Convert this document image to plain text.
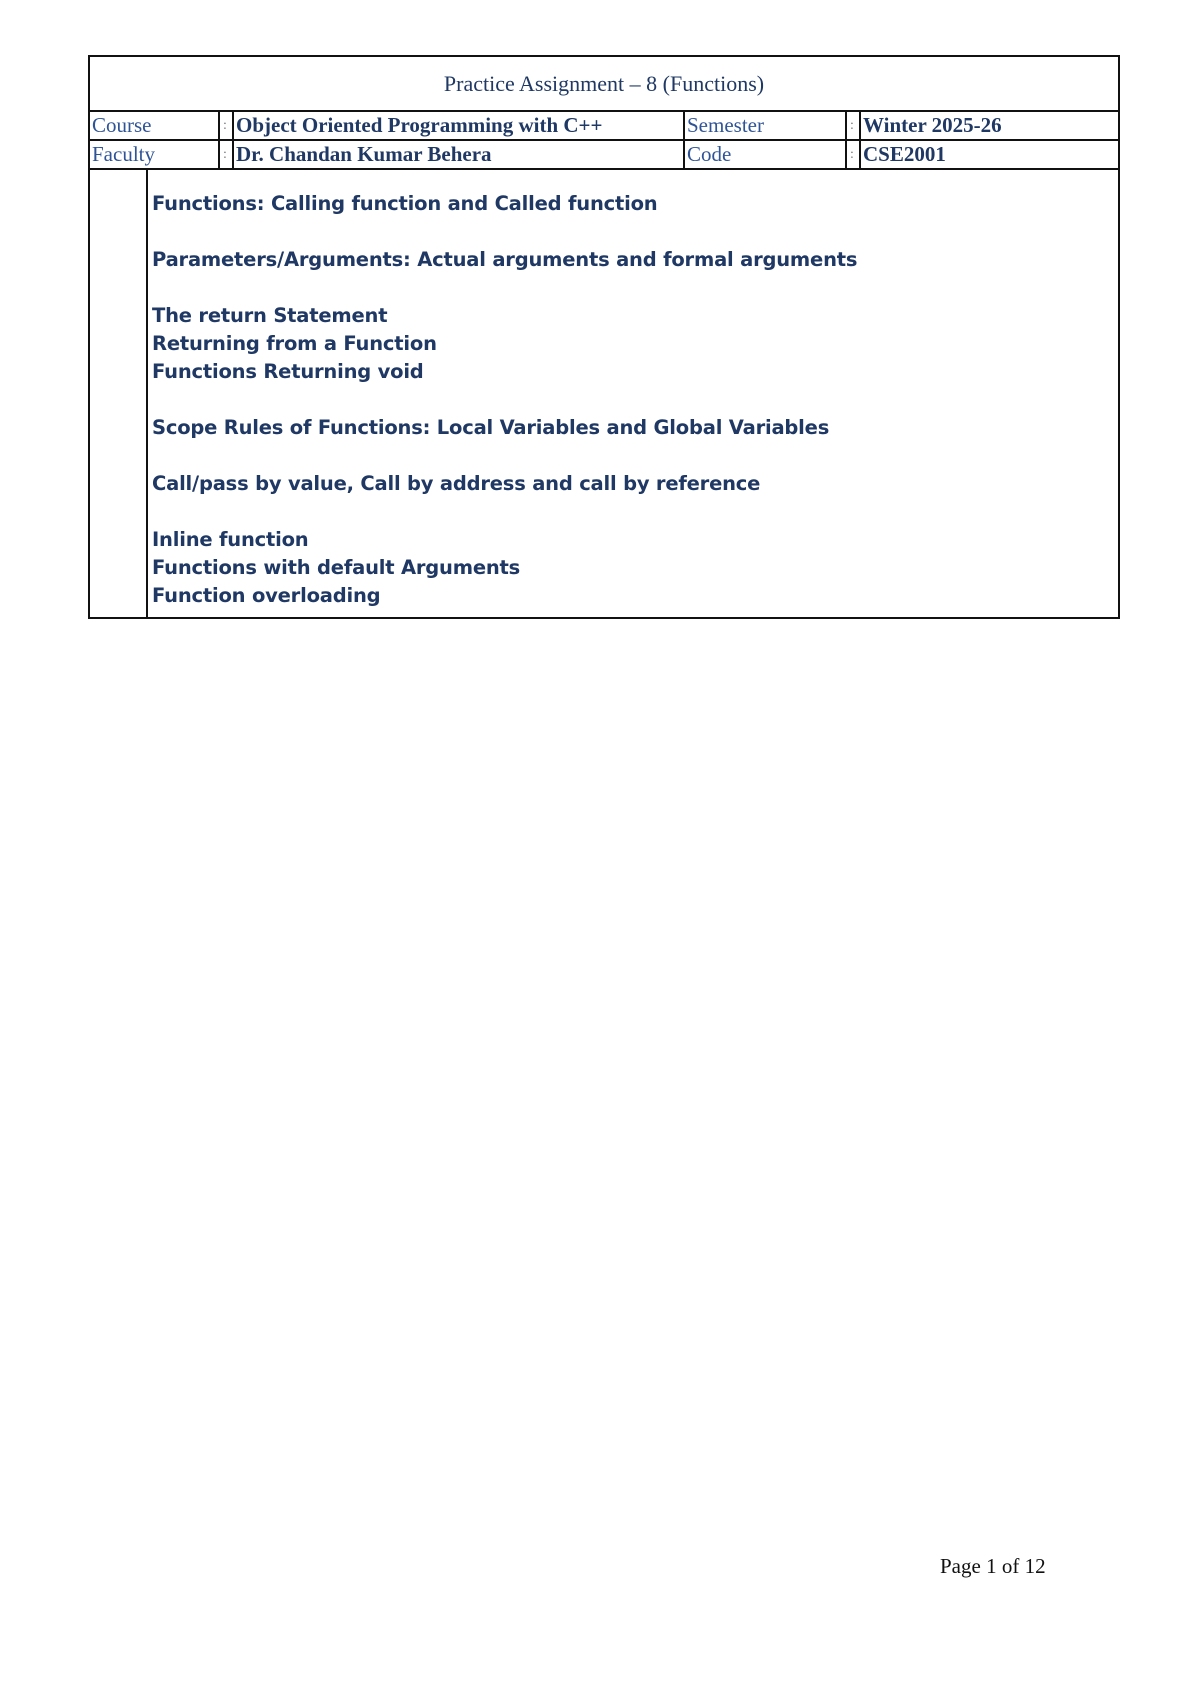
Practice Assignment – 8 (Functions)
Course	: Object Oriented Programming with C++	Semester	: Winter 2025-26
Faculty	: Dr. Chandan Kumar Behera	Code	: CSE2001
Functions: Calling function and Called function
Parameters/Arguments: Actual arguments and formal arguments
The return Statement
Returning from a Function
Functions Returning void
Scope Rules of Functions: Local Variables and Global Variables
Call/pass by value, Call by address and call by reference
Inline function
Functions with default Arguments
Function overloading
Page 1 of 12
